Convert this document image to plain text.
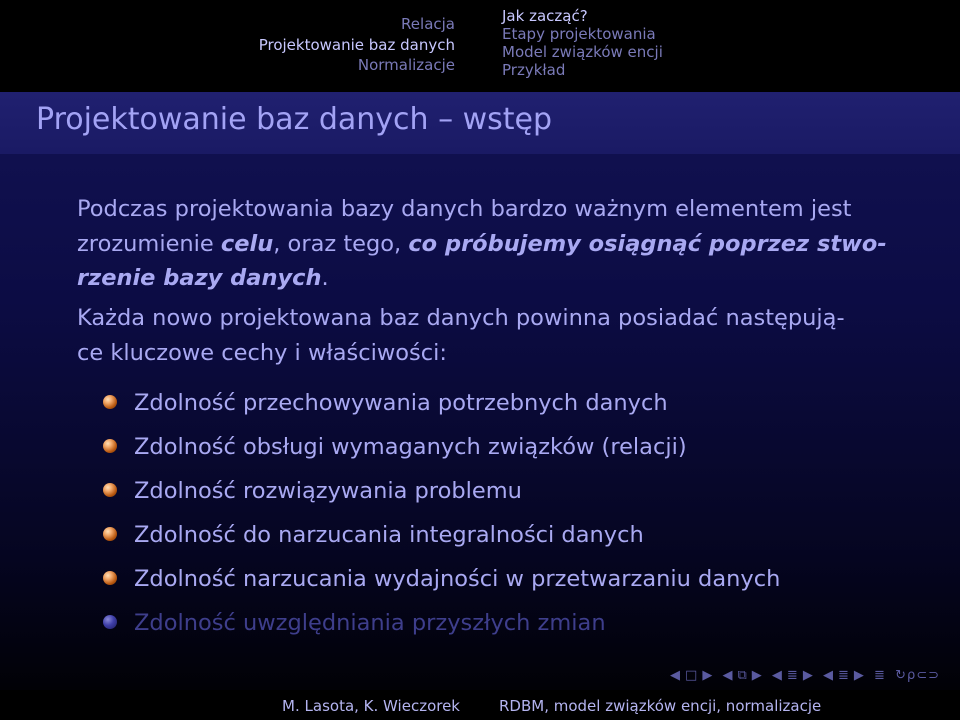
Relacja
Projektowanie baz danych
Normalizacje
Jak zacząć?
Etapy projektowania
Model związków encji
Przykład
Projektowanie baz danych – wstęp
Podczas projektowania bazy danych bardzo ważnym elementem jest
zrozumienie celu, oraz tego, co próbujemy osiągnąć poprzez stwo-
rzenie bazy danych.
Każda nowo projektowana baz danych powinna posiadać następują-
ce kluczowe cechy i właściwości:
Zdolność przechowywania potrzebnych danych
Zdolność obsługi wymaganych związków (relacji)
Zdolność rozwiązywania problemu
Zdolność do narzucania integralności danych
Zdolność narzucania wydajności w przetwarzaniu danych
Zdolność uwzględniania przyszłych zmian
◀ □ ▶ ◀ ⧉ ▶ ◀ ≣ ▶ ◀ ≣ ▶ ≣ ↻ρ⊂⊃
M. Lasota, K. Wieczorek	RDBM, model związków encji, normalizacje
